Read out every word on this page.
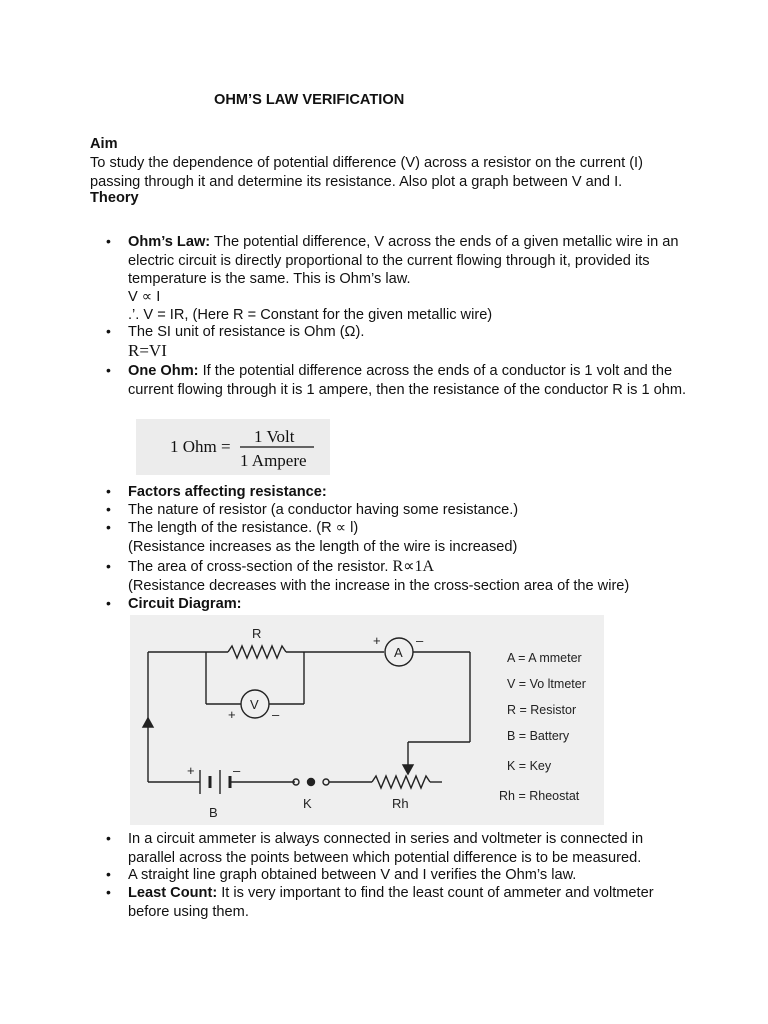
OHM’S LAW VERIFICATION
Aim
To study the dependence of potential difference (V) across a resistor on the current (I) passing through it and determine its resistance. Also plot a graph between V and I.
Theory
• Ohm’s Law: The potential difference, V across the ends of a given metallic wire in an electric circuit is directly proportional to the current flowing through it, provided its temperature is the same. This is Ohm’s law.
V ∝ I
.’. V = IR, (Here R = Constant for the given metallic wire)
• The SI unit of resistance is Ohm (Ω).
R=VI
• One Ohm: If the potential difference across the ends of a conductor is 1 volt and the current flowing through it is 1 ampere, then the resistance of the conductor R is 1 ohm.
1 Ohm =
1 Volt
1 Ampere
• Factors affecting resistance:
• The nature of resistor (a conductor having some resistance.)
• The length of the resistance. (R ∝ l)
(Resistance increases as the length of the wire is increased)
• The area of cross-section of the resistor. R∝1A
(Resistance decreases with the increase in the cross-section area of the wire)
• Circuit Diagram:
R
A
+	–
V
+	–
+	–
B
K	Rh
A = A mmeter
V = Vo ltmeter
R = Resistor
B = Battery
K = Key
Rh = Rheostat
• In a circuit ammeter is always connected in series and voltmeter is connected in parallel across the points between which potential difference is to be measured.
• A straight line graph obtained between V and I verifies the Ohm’s law.
• Least Count: It is very important to find the least count of ammeter and voltmeter before using them.
